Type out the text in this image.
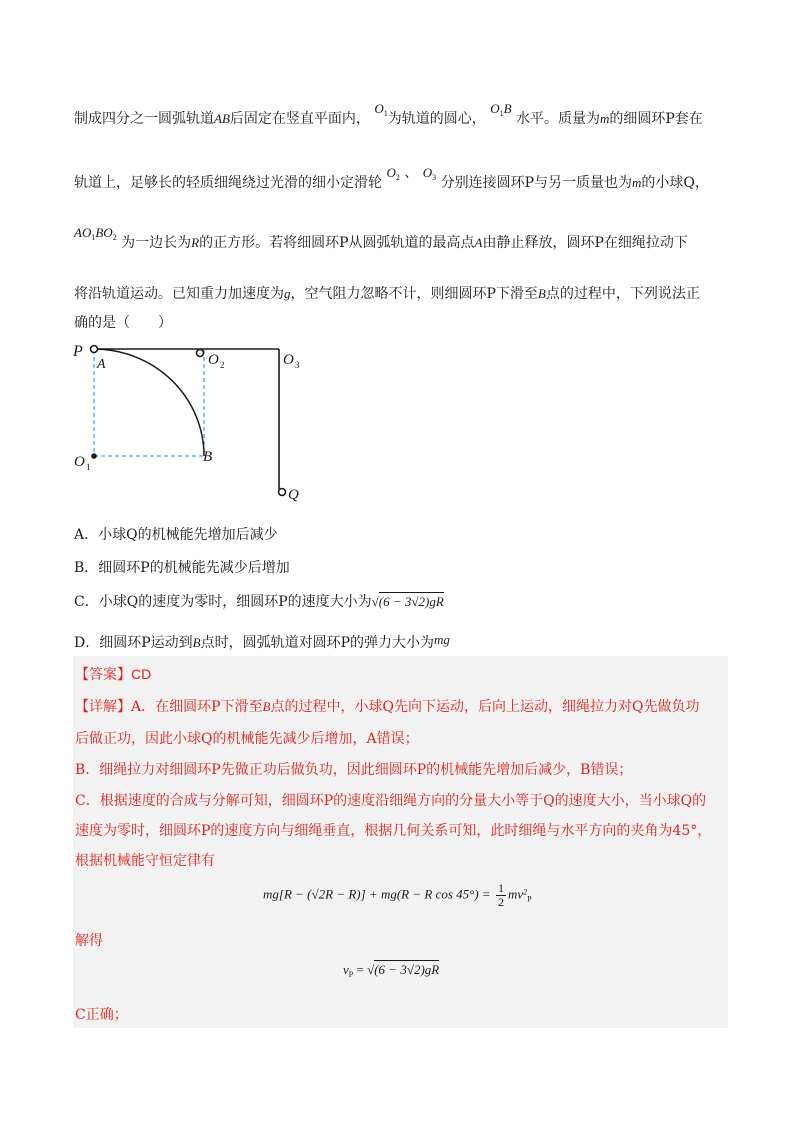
制成四分之一圆弧轨道AB后固定在竖直平面内， $O_1$为轨道的圆心， $O_1B$ 水平。质量为m的细圆环P套在
轨道上，足够长的轻质细绳绕过光滑的细小定滑轮 $O_2$ 、 $O_3$ 分别连接圆环P与另一质量也为m的小球Q，
$AO_1BO_2$ 为一边长为R的正方形。若将细圆环P从圆弧轨道的最高点A由静止释放，圆环P在细绳拉动下
将沿轨道运动。已知重力加速度为g，空气阻力忽略不计，则细圆环P下滑至B点的过程中，下列说法正
确的是（　　）
P
A	O 2	O 3
O 1
B
Q
A．小球Q的机械能先增加后减少
B．细圆环P的机械能先减少后增加
C．小球Q的速度为零时，细圆环P的速度大小为√(6 − 3√2)gR
D．细圆环P运动到B点时，圆弧轨道对圆环P的弹力大小为mg
【答案】CD
【详解】A．在细圆环P下滑至B点的过程中，小球Q先向下运动，后向上运动，细绳拉力对Q先做负功
后做正功，因此小球Q的机械能先减少后增加，A错误；
B．细绳拉力对细圆环P先做正功后做负功，因此细圆环P的机械能先增加后减少，B错误；
C．根据速度的合成与分解可知，细圆环P的速度沿细绳方向的分量大小等于Q的速度大小，当小球Q的
速度为零时，细圆环P的速度方向与细绳垂直，根据几何关系可知，此时细绳与水平方向的夹角为45°，
根据机械能守恒定律有
mg[R − (√2R − R)] + mg(R − R $\cos 45^\circ) = \frac{1}{2} mv^2_P$
解得
$v_P = √(6 - 3√2)gR$
C正确；
